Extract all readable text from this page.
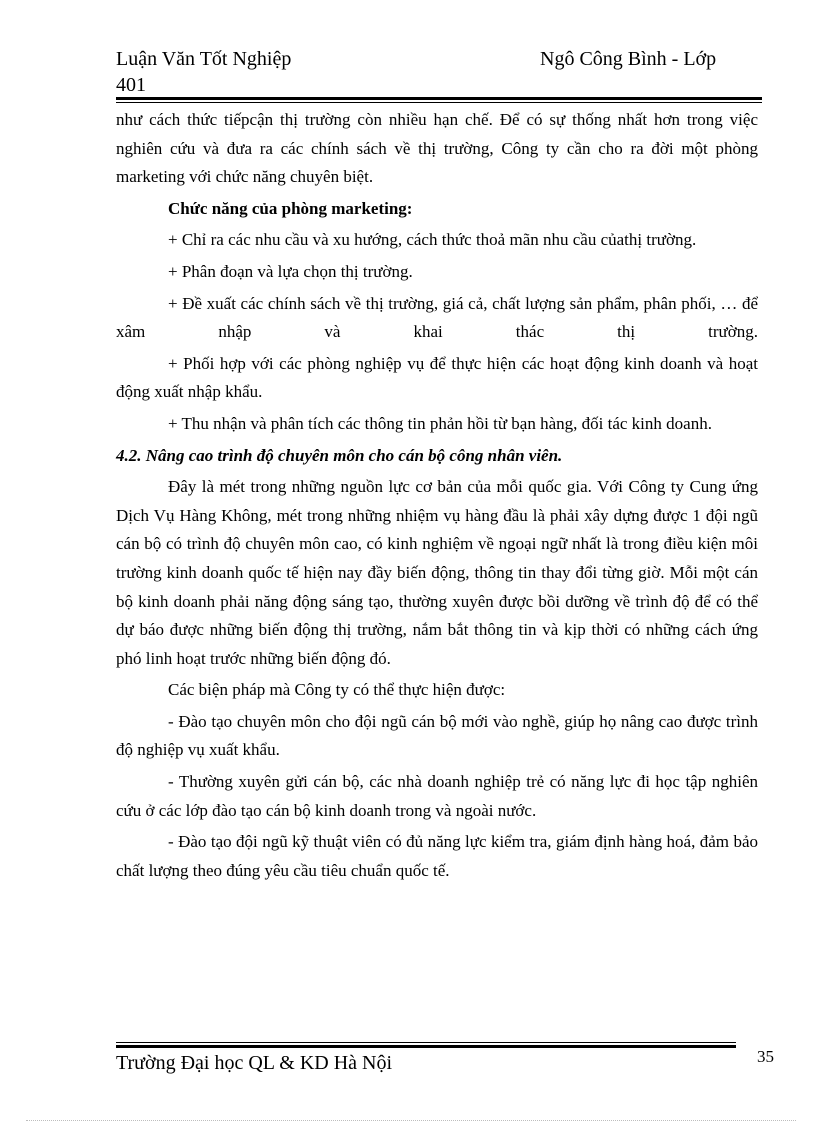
Luận Văn Tốt Nghiệp	Ngô Công Bình - Lớp
401

như cách thức tiếpcận thị trường còn nhiều hạn chế. Để có sự thống nhất hơn trong việc nghiên cứu và đưa ra các chính sách về thị trường, Công ty cần cho ra đời một phòng marketing với chức năng chuyên biệt.

Chức năng của phòng marketing:

+ Chỉ ra các nhu cầu và xu hướng, cách thức thoả mãn nhu cầu củathị trường.

+ Phân đoạn và lựa chọn thị trường.

+ Đề xuất các chính sách về thị trường, giá cả, chất lượng sản phẩm, phân phối, … để xâm nhập và khai thác thị trường.

+ Phối hợp với các phòng nghiệp vụ để thực hiện các hoạt động kinh doanh và hoạt động xuất nhập khẩu.

+ Thu nhận và phân tích các thông tin phản hồi từ bạn hàng, đối tác kinh doanh.

4.2. Nâng cao trình độ chuyên môn cho cán bộ công nhân viên.

Đây là mét trong những nguồn lực cơ bản của mỗi quốc gia. Với Công ty Cung ứng Dịch Vụ Hàng Không, mét trong những nhiệm vụ hàng đầu là phải xây dựng được 1 đội ngũ cán bộ có trình độ chuyên môn cao, có kinh nghiệm về ngoại ngữ nhất là trong điều kiện môi trường kinh doanh quốc tế hiện nay đầy biến động, thông tin thay đổi từng giờ. Mỗi một cán bộ kinh doanh phải năng động sáng tạo, thường xuyên được bồi dưỡng về trình độ để có thể dự báo được những biến động thị trường, nắm bắt thông tin và kịp thời có những cách ứng phó linh hoạt trước những biến động đó.

Các biện pháp mà Công ty có thể thực hiện được:

- Đào tạo chuyên môn cho đội ngũ cán bộ mới vào nghề, giúp họ nâng cao được trình độ nghiệp vụ xuất khẩu.

- Thường xuyên gửi cán bộ, các nhà doanh nghiệp trẻ có năng lực đi học tập nghiên cứu ở các lớp đào tạo cán bộ kinh doanh trong và ngoài nước.

- Đào tạo đội ngũ kỹ thuật viên có đủ năng lực kiểm tra, giám định hàng hoá, đảm bảo chất lượng theo đúng yêu cầu tiêu chuẩn quốc tế.

Trường Đại học QL & KD Hà Nội	35
